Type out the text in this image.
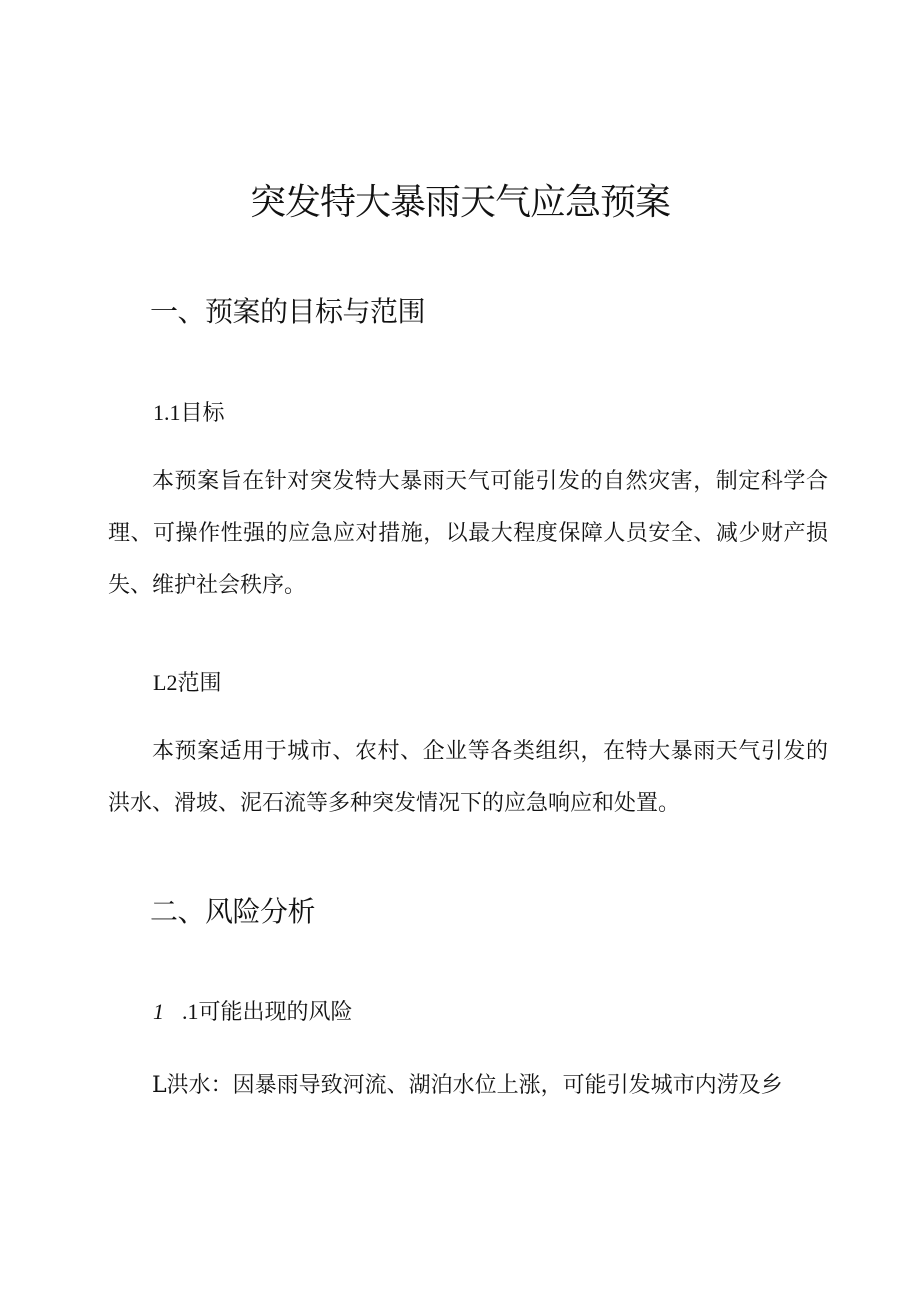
突发特大暴雨天气应急预案
一、预案的目标与范围
1.1目标

本预案旨在针对突发特大暴雨天气可能引发的自然灾害，制定科学合理、可操作性强的应急应对措施，以最大程度保障人员安全、减少财产损失、维护社会秩序。

L2范围

本预案适用于城市、农村、企业等各类组织，在特大暴雨天气引发的洪水、滑坡、泥石流等多种突发情况下的应急响应和处置。

二、风险分析
1 .1可能出现的风险

L洪水：因暴雨导致河流、湖泊水位上涨，可能引发城市内涝及乡
